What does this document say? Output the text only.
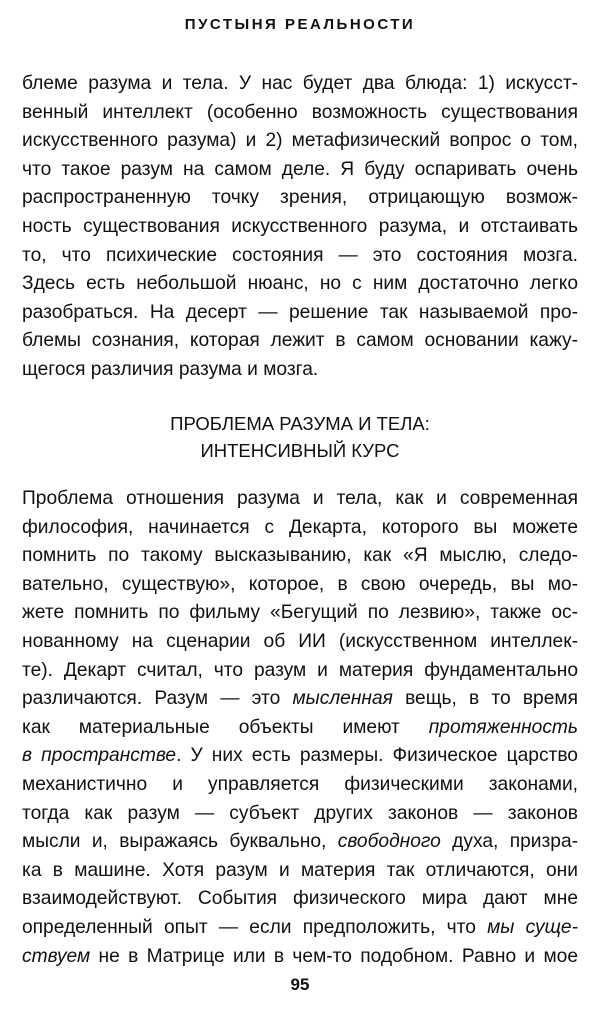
ПУСТЫНЯ РЕАЛЬНОСТИ
блеме разума и тела. У нас будет два блюда: 1) искусст-
венный интеллект (особенно возможность существования
искусственного разума) и 2) метафизический вопрос о том,
что такое разум на самом деле. Я буду оспаривать очень
распространенную точку зрения, отрицающую возмож-
ность существования искусственного разума, и отстаивать
то, что психические состояния — это состояния мозга.
Здесь есть небольшой нюанс, но с ним достаточно легко
разобраться. На десерт — решение так называемой про-
блемы сознания, которая лежит в самом основании кажу-
щегося различия разума и мозга.
ПРОБЛЕМА РАЗУМА И ТЕЛА:
ИНТЕНСИВНЫЙ КУРС
Проблема отношения разума и тела, как и современная
философия, начинается с Декарта, которого вы можете
помнить по такому высказыванию, как «Я мыслю, следо-
вательно, существую», которое, в свою очередь, вы мо-
жете помнить по фильму «Бегущий по лезвию», также ос-
нованному на сценарии об ИИ (искусственном интеллек-
те). Декарт считал, что разум и материя фундаментально
различаются. Разум — это мысленная вещь, в то время
как материальные объекты имеют протяженность
в пространстве. У них есть размеры. Физическое царство
механистично и управляется физическими законами,
тогда как разум — субъект других законов — законов
мысли и, выражаясь буквально, свободного духа, призра-
ка в машине. Хотя разум и материя так отличаются, они
взаимодействуют. События физического мира дают мне
определенный опыт — если предположить, что мы суще-
ствуем не в Матрице или в чем-то подобном. Равно и мое
95
